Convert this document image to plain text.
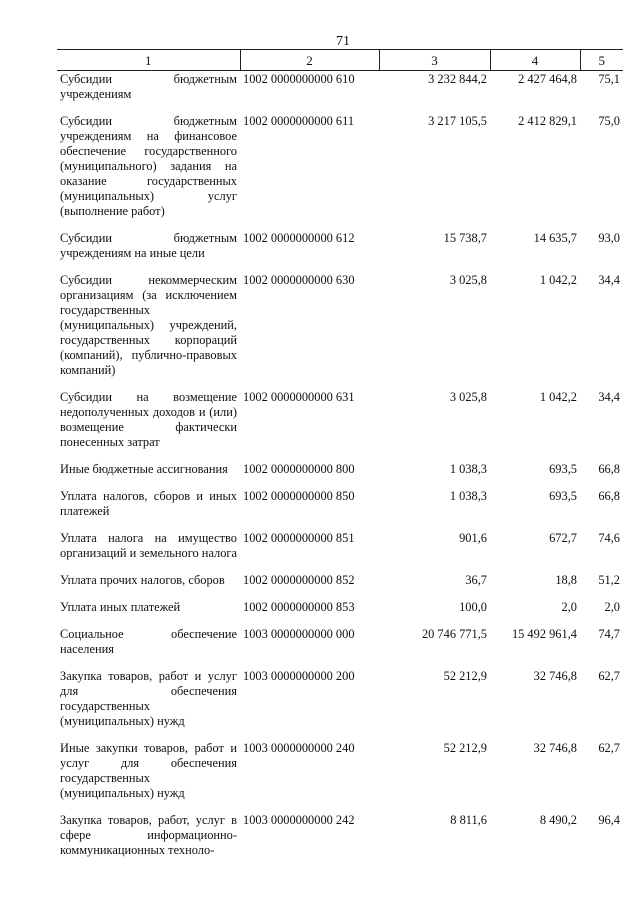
71
1	2	3	4	5
Субсидии бюджетным учреждениям	1002 0000000000 610	3 232 844,2	2 427 464,8	75,1
Субсидии бюджетным учреждениям на финансовое обеспечение государственного (муниципального) задания на оказание государственных (муниципальных) услуг (выполнение работ)	1002 0000000000 611	3 217 105,5	2 412 829,1	75,0
Субсидии бюджетным учреждениям на иные цели	1002 0000000000 612	15 738,7	14 635,7	93,0
Субсидии некоммерческим организациям (за исключением государственных (муниципальных) учреждений, государственных корпораций (компаний), публично-правовых компаний)	1002 0000000000 630	3 025,8	1 042,2	34,4
Субсидии на возмещение недополученных доходов и (или) возмещение фактически понесенных затрат	1002 0000000000 631	3 025,8	1 042,2	34,4
Иные бюджетные ассигнования	1002 0000000000 800	1 038,3	693,5	66,8
Уплата налогов, сборов и иных платежей	1002 0000000000 850	1 038,3	693,5	66,8
Уплата налога на имущество организаций и земельного налога	1002 0000000000 851	901,6	672,7	74,6
Уплата прочих налогов, сборов	1002 0000000000 852	36,7	18,8	51,2
Уплата иных платежей	1002 0000000000 853	100,0	2,0	2,0
Социальное обеспечение населения	1003 0000000000 000	20 746 771,5	15 492 961,4	74,7
Закупка товаров, работ и услуг для обеспечения государственных (муниципальных) нужд	1003 0000000000 200	52 212,9	32 746,8	62,7
Иные закупки товаров, работ и услуг для обеспечения государственных (муниципальных) нужд	1003 0000000000 240	52 212,9	32 746,8	62,7
Закупка товаров, работ, услуг в сфере информационно-коммуникационных техноло-	1003 0000000000 242	8 811,6	8 490,2	96,4
